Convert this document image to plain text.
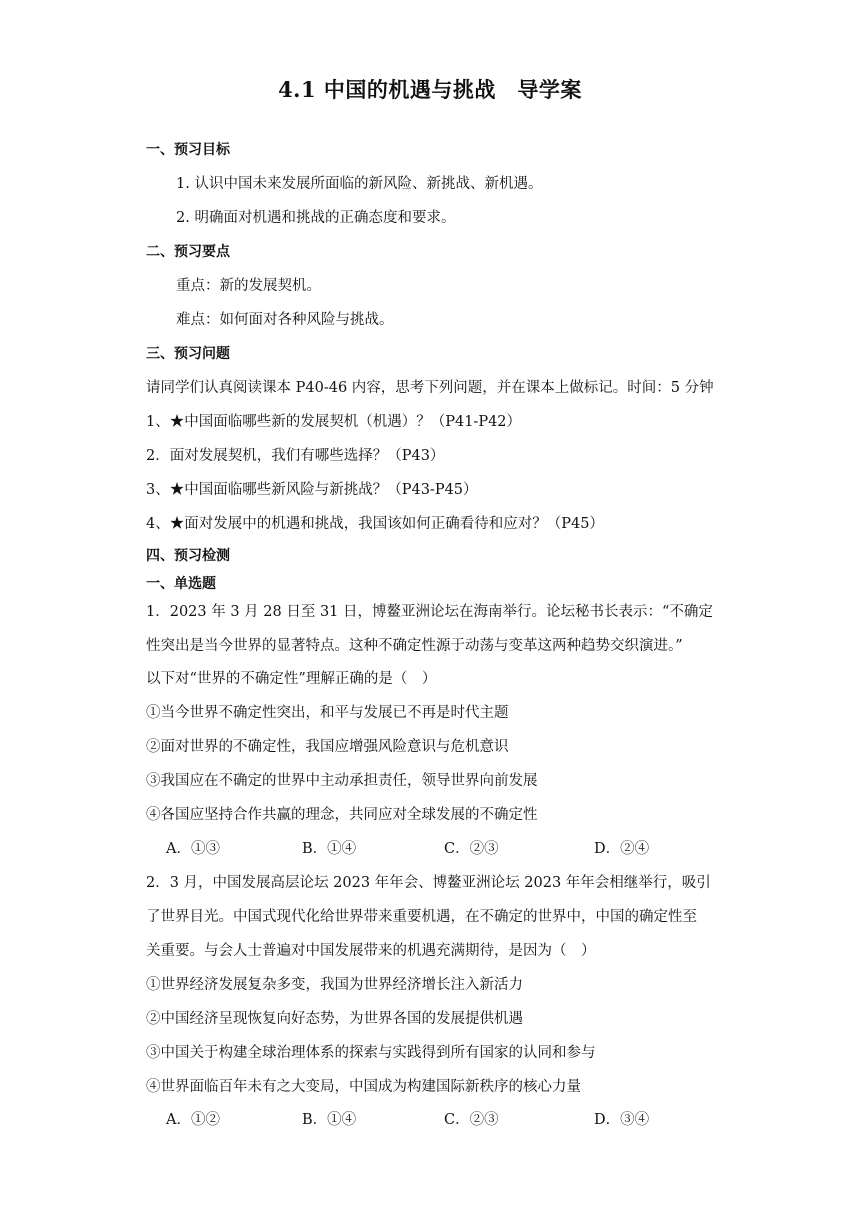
4.1 中国的机遇与挑战　导学案
一、预习目标
1. 认识中国未来发展所面临的新风险、新挑战、新机遇。
2. 明确面对机遇和挑战的正确态度和要求。
二、预习要点
重点：新的发展契机。
难点：如何面对各种风险与挑战。
三、预习问题
请同学们认真阅读课本 P40-46 内容，思考下列问题，并在课本上做标记。时间：5 分钟
1、★中国面临哪些新的发展契机（机遇）？（P41-P42）
2．面对发展契机，我们有哪些选择？（P43）
3、★中国面临哪些新风险与新挑战？（P43-P45）
4、★面对发展中的机遇和挑战，我国该如何正确看待和应对？（P45）
四、预习检测
一、单选题
1．2023 年 3 月 28 日至 31 日，博鳌亚洲论坛在海南举行。论坛秘书长表示：“不确定
性突出是当今世界的显著特点。这种不确定性源于动荡与变革这两种趋势交织演进。”
以下对“世界的不确定性”理解正确的是（　）
①当今世界不确定性突出，和平与发展已不再是时代主题
②面对世界的不确定性，我国应增强风险意识与危机意识
③我国应在不确定的世界中主动承担责任，领导世界向前发展
④各国应坚持合作共赢的理念，共同应对全球发展的不确定性
A．①③	B．①④	C．②③	D．②④
2．3 月，中国发展高层论坛 2023 年年会、博鳌亚洲论坛 2023 年年会相继举行，吸引
了世界目光。中国式现代化给世界带来重要机遇，在不确定的世界中，中国的确定性至
关重要。与会人士普遍对中国发展带来的机遇充满期待，是因为（　）
①世界经济发展复杂多变，我国为世界经济增长注入新活力
②中国经济呈现恢复向好态势，为世界各国的发展提供机遇
③中国关于构建全球治理体系的探索与实践得到所有国家的认同和参与
④世界面临百年未有之大变局，中国成为构建国际新秩序的核心力量
A．①②	B．①④	C．②③	D．③④
